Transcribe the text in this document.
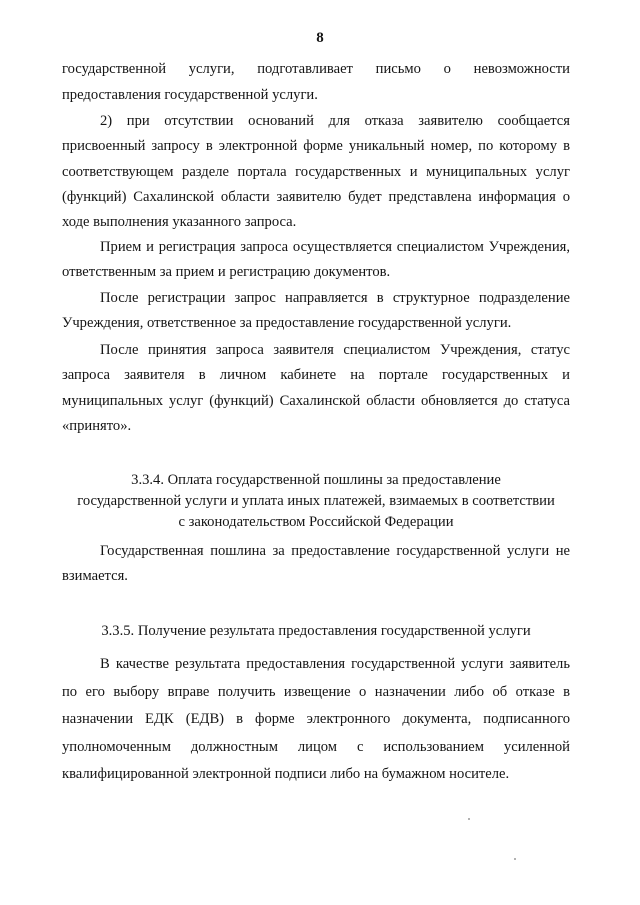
8
государственной услуги, подготавливает письмо о невозможности
предоставления государственной услуги.

2) при отсутствии оснований для отказа заявителю сообщается присвоенный запросу в электронной форме уникальный номер, по которому в соответствующем разделе портала государственных и муниципальных услуг (функций) Сахалинской области заявителю будет представлена информация о ходе выполнения указанного запроса.

Прием и регистрация запроса осуществляется специалистом Учреждения, ответственным за прием и регистрацию документов.

После регистрации запрос направляется в структурное подразделение Учреждения, ответственное за предоставление государственной услуги.

После принятия запроса заявителя специалистом Учреждения, статус запроса заявителя в личном кабинете на портале государственных и муниципальных услуг (функций) Сахалинской области обновляется до статуса «принято».

3.3.4. Оплата государственной пошлины за предоставление
государственной услуги и уплата иных платежей, взимаемых в соответствии
с законодательством Российской Федерации

Государственная пошлина за предоставление государственной услуги не взимается.

3.3.5. Получение результата предоставления государственной услуги

В качестве результата предоставления государственной услуги заявитель по его выбору вправе получить извещение о назначении либо об отказе в назначении ЕДК (ЕДВ) в форме электронного документа, подписанного уполномоченным должностным лицом с использованием усиленной квалифицированной электронной подписи либо на бумажном носителе.
